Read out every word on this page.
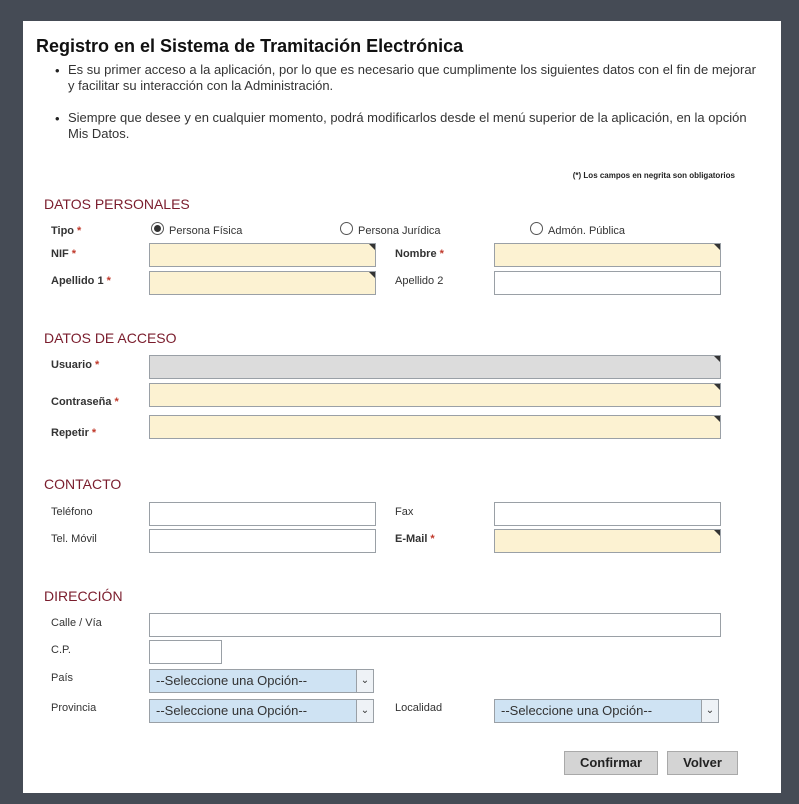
Registro en el Sistema de Tramitación Electrónica
• Es su primer acceso a la aplicación, por lo que es necesario que cumplimente los siguientes datos con el fin de mejorar y facilitar su interacción con la Administración.
• Siempre que desee y en cualquier momento, podrá modificarlos desde el menú superior de la aplicación, en la opción Mis Datos.
(*) Los campos en negrita son obligatorios
DATOS PERSONALES
Tipo *	Persona Física	Persona Jurídica	Admón. Pública
NIF *	Nombre *
Apellido 1 *	Apellido 2
DATOS DE ACCESO
Usuario *
Contraseña *
Repetir *
CONTACTO
Teléfono	Fax
Tel. Móvil	E-Mail *
DIRECCIÓN
Calle / Vía
C.P.
País	--Seleccione una Opción--	⌄
Provincia	--Seleccione una Opción--	⌄	Localidad	--Seleccione una Opción--	⌄
Confirmar	Volver
